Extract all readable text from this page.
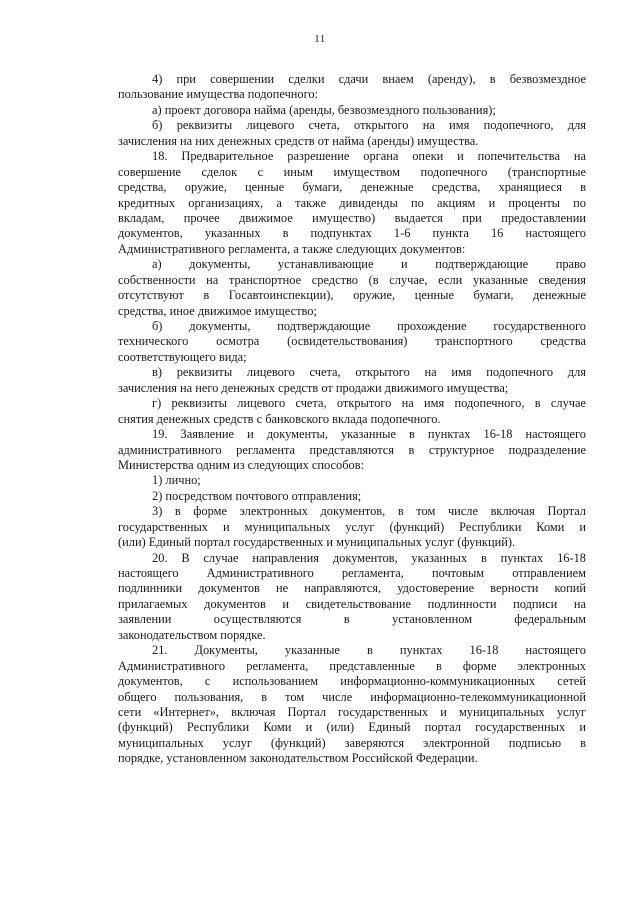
11
4) при совершении сделки сдачи внаем (аренду), в безвозмездное
пользование имущества подопечного:
а) проект договора найма (аренды, безвозмездного пользования);
б) реквизиты лицевого счета, открытого на имя подопечного, для
зачисления на них денежных средств от найма (аренды) имущества.
18. Предварительное разрешение органа опеки и попечительства на
совершение сделок с иным имуществом подопечного (транспортные
средства, оружие, ценные бумаги, денежные средства, хранящиеся в
кредитных организациях, а также дивиденды по акциям и проценты по
вкладам, прочее движимое имущество) выдается при предоставлении
документов, указанных в подпунктах 1-6 пункта 16 настоящего
Административного регламента, а также следующих документов:
а) документы, устанавливающие и подтверждающие право
собственности на транспортное средство (в случае, если указанные сведения
отсутствуют в Госавтоинспекции), оружие, ценные бумаги, денежные
средства, иное движимое имущество;
б) документы, подтверждающие прохождение государственного
технического осмотра (освидетельствования) транспортного средства
соответствующего вида;
в) реквизиты лицевого счета, открытого на имя подопечного для
зачисления на него денежных средств от продажи движимого имущества;
г) реквизиты лицевого счета, открытого на имя подопечного, в случае
снятия денежных средств с банковского вклада подопечного.
19. Заявление и документы, указанные в пунктах 16-18 настоящего
административного регламента представляются в структурное подразделение
Министерства одним из следующих способов:
1) лично;
2) посредством почтового отправления;
3) в форме электронных документов, в том числе включая Портал
государственных и муниципальных услуг (функций) Республики Коми и
(или) Единый портал государственных и муниципальных услуг (функций).
20. В случае направления документов, указанных в пунктах 16-18
настоящего Административного регламента, почтовым отправлением
подлинники документов не направляются, удостоверение верности копий
прилагаемых документов и свидетельствование подлинности подписи на
заявлении осуществляются в установленном федеральным
законодательством порядке.
21. Документы, указанные в пунктах 16-18 настоящего
Административного регламента, представленные в форме электронных
документов, с использованием информационно-коммуникационных сетей
общего пользования, в том числе информационно-телекоммуникационной
сети «Интернет», включая Портал государственных и муниципальных услуг
(функций) Республики Коми и (или) Единый портал государственных и
муниципальных услуг (функций) заверяются электронной подписью в
порядке, установленном законодательством Российской Федерации.
